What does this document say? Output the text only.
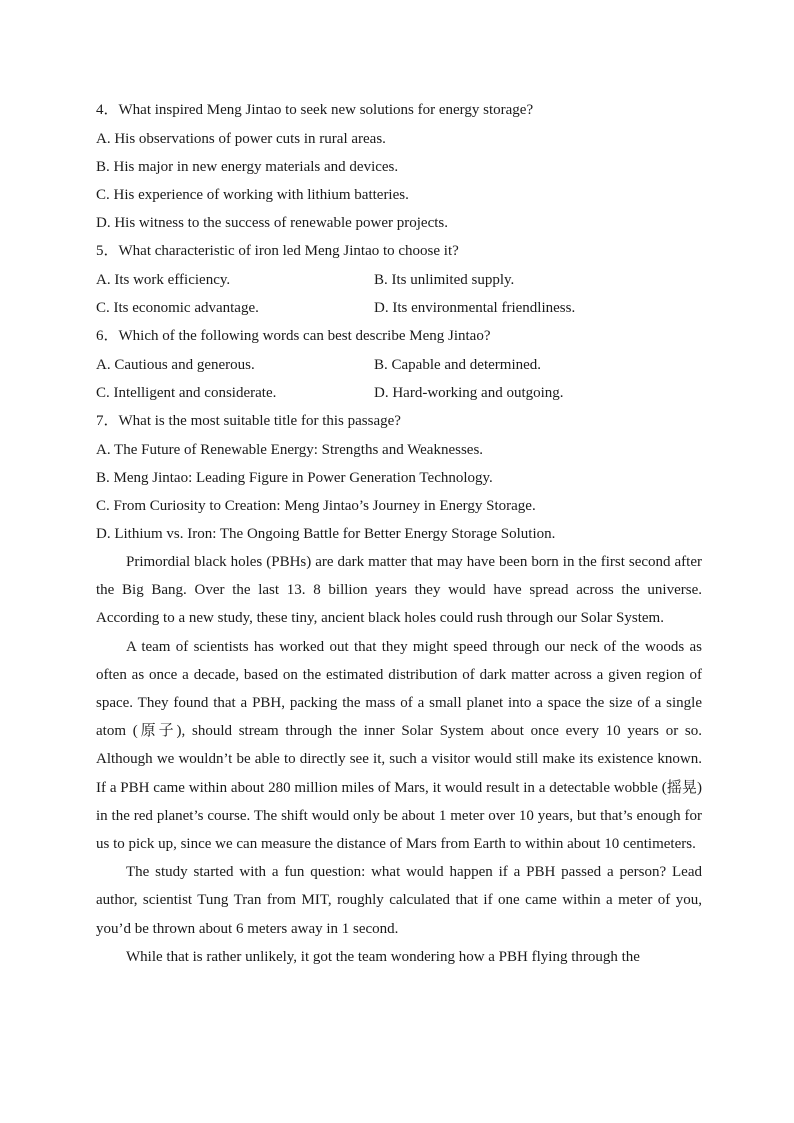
4．What inspired Meng Jintao to seek new solutions for energy storage?
A. His observations of power cuts in rural areas.
B. His major in new energy materials and devices.
C. His experience of working with lithium batteries.
D. His witness to the success of renewable power projects.
5．What characteristic of iron led Meng Jintao to choose it?
A. Its work efficiency.	B. Its unlimited supply.
C. Its economic advantage.	D. Its environmental friendliness.
6．Which of the following words can best describe Meng Jintao?
A. Cautious and generous.	B. Capable and determined.
C. Intelligent and considerate.	D. Hard-working and outgoing.
7．What is the most suitable title for this passage?
A. The Future of Renewable Energy: Strengths and Weaknesses.
B. Meng Jintao: Leading Figure in Power Generation Technology.
C. From Curiosity to Creation: Meng Jintao’s Journey in Energy Storage.
D. Lithium vs. Iron: The Ongoing Battle for Better Energy Storage Solution.

Primordial black holes (PBHs) are dark matter that may have been born in the first second after the Big Bang. Over the last 13. 8 billion years they would have spread across the universe. According to a new study, these tiny, ancient black holes could rush through our Solar System.

A team of scientists has worked out that they might speed through our neck of the woods as often as once a decade, based on the estimated distribution of dark matter across a given region of space. They found that a PBH, packing the mass of a small planet into a space the size of a single atom (原子), should stream through the inner Solar System about once every 10 years or so. Although we wouldn’t be able to directly see it, such a visitor would still make its existence known. If a PBH came within about 280 million miles of Mars, it would result in a detectable wobble (摇晃) in the red planet’s course. The shift would only be about 1 meter over 10 years, but that’s enough for us to pick up, since we can measure the distance of Mars from Earth to within about 10 centimeters.

The study started with a fun question: what would happen if a PBH passed a person? Lead author, scientist Tung Tran from MIT, roughly calculated that if one came within a meter of you, you’d be thrown about 6 meters away in 1 second.

While that is rather unlikely, it got the team wondering how a PBH flying through the
